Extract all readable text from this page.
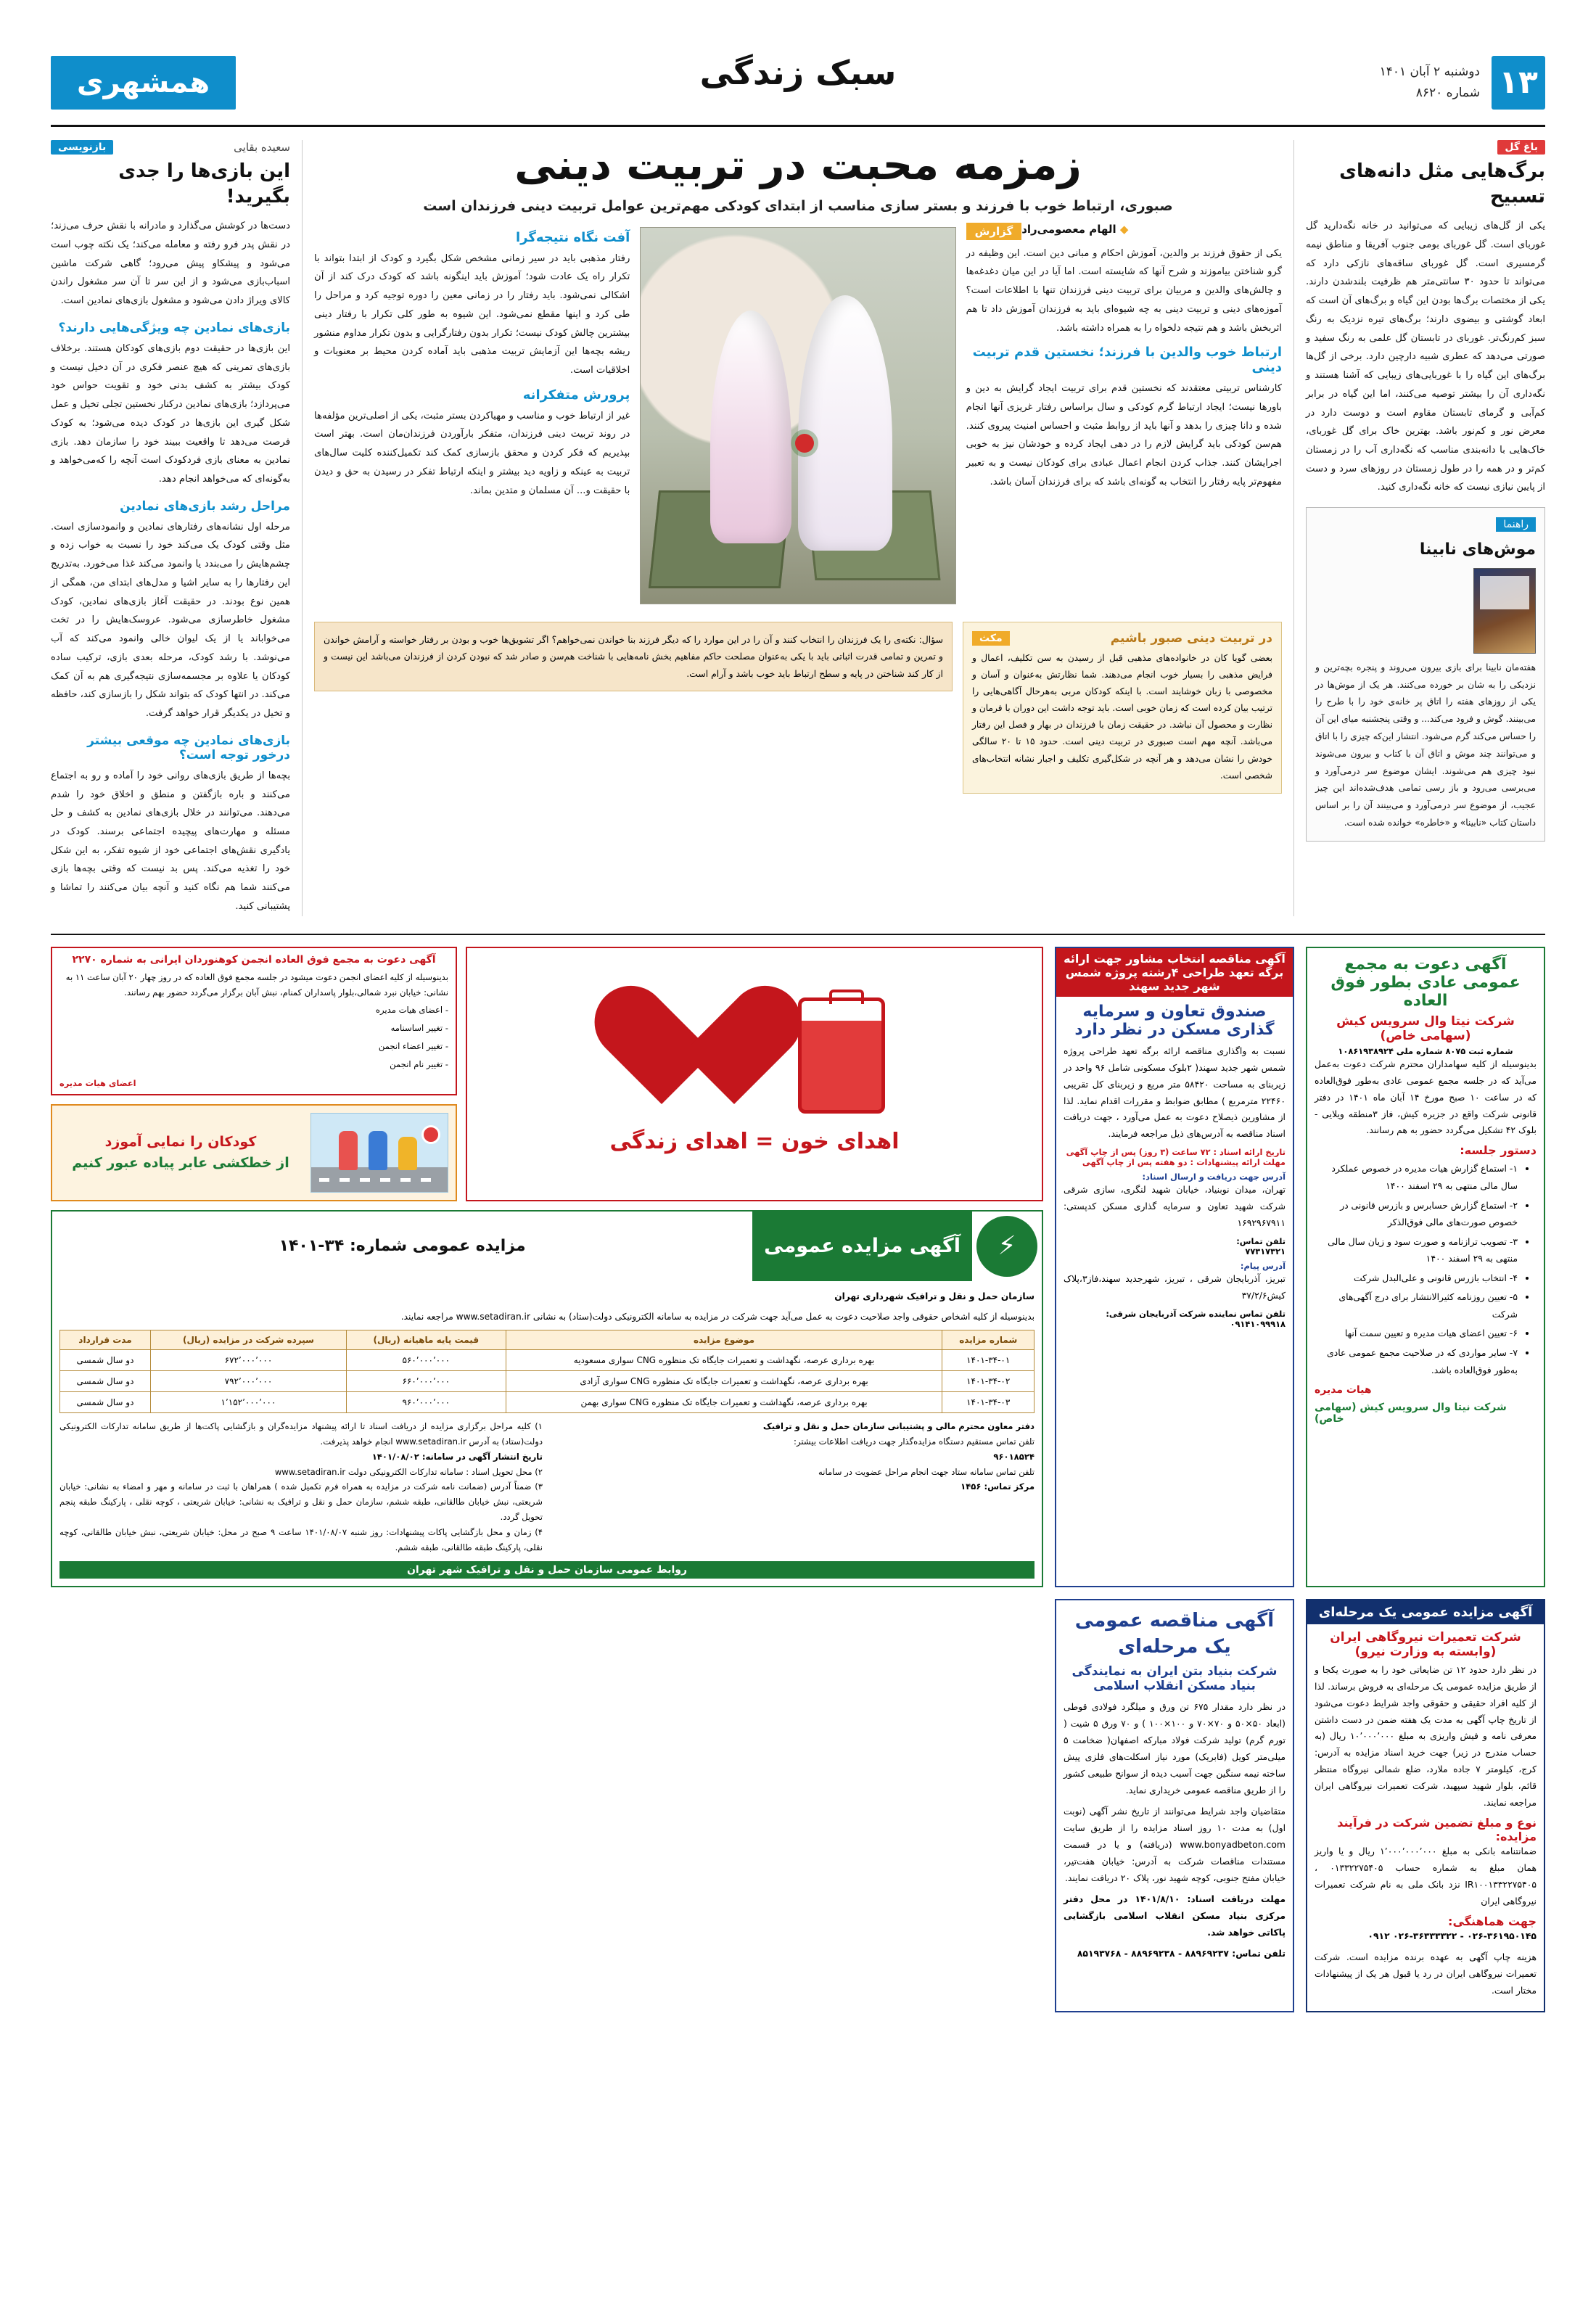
۱۳
دوشنبه ۲ آبان ۱۴۰۱
شماره ۸۶۲۰
سبک زندگی
همشهری
باغ گل
برگ‌هایی مثل دانه‌های تسبیح
یکی از گل‌های زیبایی که می‌توانید در خانه نگه‌دارید گل غوربای است. گل غوربای بومی جنوب آفریقا و مناطق نیمه گرمسیری است. گل غوربای ساقه‌های نازکی دارد که می‌تواند تا حدود ۳۰ سانتی‌متر هم ظرفیت بلندشدن دارند. یکی از مختصات برگ‌ها بودن این گیاه و برگ‌های آن است که ابعاد گوشتی و بیضوی دارند؛ برگ‌های تیره نزدیک به رنگ سبز کم‌رنگ‌تر. غوربای در تابستان گل علمی به رنگ سفید و صورتی می‌دهد که عطری شبیه دارچین دارد. برخی از گل‌ها برگ‌های این گیاه را با غوربایی‌های زیبایی که آشنا هستند و نگه‌داری آن را بیشتر توصیه می‌کنند، اما این گیاه در برابر کم‌آبی و گرمای تابستان مقاوم است و دوست دارد در معرض نور و کم‌نور باشد. بهترین خاک برای گل غوربای، خاک‌هایی با دانه‌بندی مناسب که نگه‌داری آب را در زمستان کم‌تر و در همه را در طول زمستان در روزهای سرد و دست از پایین نیازی نیست که خانه نگه‌داری کنید.
راهنما
موش‌های نابینا
هفته‌مان نابینا برای بازی بیرون می‌روند و پنجره بچه‌ترین و نزدیکی را به شان بر خورده می‌کنند. هر یک از موش‌ها در یکی از روزهای هفته را اتاق پر خانه‌ی خود را با طرح را می‌بینند. گوش و فرود می‌کند... و وقتی پنجشنبه میای این آن را حساس می‌کند گرم می‌شود. انتشار این‌که چیزی را با اتاق و می‌توانند چند موش و اتاق آن با کتاب و بیرون می‌شوند نبود چیزی هم می‌شوند. ایشان موضوع سر درمی‌آورد و می‌برسی می‌رود و باز رسی تمامی هدف‌شده‌اند این چیز عجیب، از موضوع سر درمی‌آورد و می‌بینند آن را بر اساس داستان کتاب «نابینا» و «خاطره» خوانده شده است.
زمزمه محبت در تربیت دینی
صبوری، ارتباط خوب با فرزند و بستر سازی مناسب از ابتدای کودکی مهم‌ترین عوامل تربیت دینی فرزندان است
گزارش	◆ الهام معصومی‌راد
یکی از حقوق فرزند بر والدین، آموزش احکام و مبانی دین است. این وظیفه در گرو شناختن بیاموزند و شرح آنها که شایسته است. اما آیا در این میان دغدغه‌ها و چالش‌های والدین و مربیان برای تربیت دینی فرزندان تنها با اطلاعات است؟ آموزه‌های دینی و تربیت دینی به چه شیوه‌ای باید به فرزندان آموزش داد تا هم اثربخش باشد و هم نتیجه دلخواه را به همراه داشته باشد.
ارتباط خوب والدین با فرزند؛ نخستین قدم تربیت دینی
کارشناس تربیتی معتقدند که نخستین قدم برای تربیت ایجاد گرایش به دین و باور‌ها نیست؛ ایجاد ارتباط گرم کودکی و سال براساس رفتار غریزی آنها انجام شده و دانا چیزی را بدهد و آنها باید از روابط مثبت و احساس امنیت پیروی کنند. هم‌سن کودکی باید گرایش لازم را در دهی ایجاد کرده و خودشان نیز به خوبی اجرایشان کنند. جذاب کردن انجام اعمال عبادی برای کودکان نیست و به تعبیر مفهوم‌تر پایه رفتار را انتخاب به گونه‌ای باشد که بر‌ای فرزندان آسان باشد.
آفت نگاه نتیجه‌گرا
رفتار مذهبی باید در سیر زمانی مشخص شکل بگیرد و کودک از ابتدا بتواند با تکرار راه یک عادت شود؛ آموزش باید اینگونه باشد که کودک درک کند از آن اشکالی نمی‌شود. باید رفتار را در زمانی معین را دوره توجیه کرد و مراحل را طی کرد و اینها مقطع نمی‌شود. این شیوه به طور کلی تکرار با رفتار دینی بیشترین چالش کودک نیست؛ تکرار بدون رفتارگرایی و بدون تکرار مداوم منشور ریشه بچه‌ها این آزمایش تربیت مذهبی باید آماده کردن محیط بر معنویات و اخلاقیات است.
پرورش متفکرانه
غیر از ارتباط خوب و مناسب و مهیاکردن بستر مثبت، یکی از اصلی‌ترین مؤلفه‌ها در روند تربیت دینی فرزندان، متفکر بارآوردن فرزندان‌مان است. بهتر است بپذیریم که فکر کردن و محقق بازسازی کمک کند تکمیل‌کننده کلیت سال‌های تربیت به عینکه و زاویه دید بیشتر و اینکه ارتباط تفکر در رسیدن به حق و دیدن با حقیقت و... آن مسلمان و متدین بماند.
مکث	در تربیت دینی صبور باشیم
بعضی گویا کان در خانواده‌های مذهبی قبل از رسیدن به سن تکلیف، اعمال و فرایض مذهبی را بسیار خوب انجام می‌دهند. شما نظارتش به‌عنوان و آسان و مخصوصی با زبان خوشایند است. با اینکه کودکان مربی به‌هرحال آگاهی‌هایی را ترتیب بیان کرده است که زمان خوبی است. باید توجه داشت این دوران با فرمان و نظارت و محصول آن نباشد. در حقیقت زمان با فرزندان در بهار و فصل این رفتار می‌باشد. آنچه مهم است صبوری در تربیت دینی است. حدود ۱۵ تا ۲۰ سالگی خودش را نشان می‌دهد و هر آنچه در شکل‌گیری تکلیف و اجبار نشانه انتخاب‌های شخصی است.
سؤال: نکته‌ی را یک فرزندان را انتخاب کنند و آن را در این موارد را که دیگر فرزند بنا خواندن نمی‌خواهم؟ اگر تشویق‌ها خوب و بودن بر رفتار خواسته و آرامش خواندن و تمرین و تمامی قدرت اثباتی باید با یکی به‌عنوان مصلحت حاکم مفاهیم بخش نامه‌هایی با شناخت هم‌سن و صادر شد که نبودن کردن از فرزندان می‌باشد این نیست و از کار کند شناختن در پایه و سطح ارتباط باید خوب باشد و آرام است.
سعیده بقایی
بازنویسی
این بازی‌ها را جدی بگیرید!
دست‌ها در کوشش می‌گذارد و مادرانه با نقش حرف می‌زند؛ در نقش پدر فرو رفته و معامله می‌کند؛ یک نکته چوب است می‌شود و پیشکاو پیش می‌رود؛ گاهی شرکت ماشین اسباب‌بازی می‌شود و از این سر تا آن سر مشغول راندن کالای ویراژ دادن می‌شود و مشغول بازی‌های نمادین است.
بازی‌های نمادین چه ویژگی‌هایی دارند؟
این بازی‌ها در حقیقت دوم بازی‌های کودکان هستند. برخلاف بازی‌های تمرینی که هیچ عنصر فکری در آن دخیل نیست و کودک بیشتر به کشف بدنی خود و تقویت حواس خود می‌پردازد؛ بازی‌های نمادین درکنار نخستین تجلی تخیل و عمل شکل گیری این بازی‌ها در کودک دیده می‌شود؛ به کودک فرصت می‌دهد تا واقعیت ببیند خود را سازمان دهد. بازی نمادین به معنای بازی فردکودک است آنچه را که‌می‌خواهد و به‌گونه‌ای که می‌خواهد انجام دهد.
مراحل رشد بازی‌های نمادین
مرحله اول نشانه‌های رفتار‌های نمادین و وانمودسازی است. مثل وقتی کودک یک می‌کند خود را نسبت به خواب زده و چشم‌هایش را می‌بندد یا وانمود می‌کند غذا می‌خورد. به‌تدریج این رفتارها را به سایر اشیا و مدل‌های ابتدای من، همگی از همین نوع بودند. در حقیقت آغاز بازی‌های نمادین، کودک مشغول خاطر‌سازی می‌شود. عروسک‌هایش را در تخت می‌خواباند یا از یک لیوان خالی وانمود می‌کند که آب می‌نوشد. با رشد کودک، مرحله بعدی بازی، ترکیب ساده کودکان یا علاوه بر مجسمه‌سازی نتیجه‌گیری هم به آن کمک می‌کند. در انتها کودک که بتواند شکل را بازسازی کند، حافظه و تخیل در یکدیگر قرار خواهد گرفت.
بازی‌های نمادین چه موقعی بیشتر درخور توجه است؟
بچه‌ها از طریق بازی‌های روانی خود را آماده و رو به اجتماع می‌کنند و باره بازگفتن و منطق و اخلاق خود را شدم می‌دهند. می‌توانند در خلال بازی‌های نمادین به کشف و حل مسئله و مهارت‌های پیچیده اجتماعی برسند. کودک در یادگیری نقش‌های اجتماعی خود از شیوه تفکر، به این شکل خود را تغذیه می‌کند. پس بد نیست که وقتی بچه‌ها بازی می‌کنند شما هم نگاه کنید و آنچه بیان می‌کنند را تماشا و پشتیبانی کنید.
آگهی دعوت به مجمع عمومی عادی بطور فوق العاده
شرکت نیتا وال سرویس کیش (سهامی خاص)
شماره ثبت ۸۰۷۵ شماره ملی ۱۰۸۶۱۹۳۸۹۲۴

بدینوسیله از کلیه سهامداران محترم شرکت دعوت به‌عمل می‌آید که در جلسه مجمع عمومی عادی به‌طور فوق‌العاده که در ساعت ۱۰ صبح مورخ ۱۴ آبان ماه ۱۴۰۱ در دفتر قانونی شرکت واقع در جزیره کیش، فاز ۳منطقه ویلایی - بلوک ۴۲ تشکیل می‌گردد حضور به هم رسانند.

دستور جلسه:
• ۱- استماع گزارش هیات مدیره در خصوص عملکرد سال مالی منتهی به ۲۹ اسفند ۱۴۰۰
• ۲- استماع گزارش حسابرس و بازرس قانونی در خصوص صورت‌های مالی فوق‌الذکر
• ۳- تصویب ترازنامه و صورت سود و زیان سال مالی منتهی به ۲۹ اسفند ۱۴۰۰
• ۴- انتخاب بازرس قانونی و علی‌البدل شرکت
• ۵- تعیین روزنامه کثیرالانتشار برای درج آگهی‌های شرکت
• ۶- تعیین اعضای هیات مدیره و تعیین سمت آنها
• ۷- سایر مواردی که در صلاحیت مجمع عمومی عادی به‌طور فوق‌العاده باشد.
هیات مدیره
شرکت نیتا وال سرویس کیش (سهامی خاص)
آگهی مناقصه انتخاب مشاور جهت ارائه برگه تعهد طراحی ۴رشته پروژه شمس شهر جدید سهند
صندوق تعاون و سرمایه گذاری مسکن در نظر دارد

نسبت به واگذاری مناقصه ارائه برگه تعهد طراحی پروژه شمس شهر جدید سهند( ۲بلوک مسکونی شامل ۹۶ واحد در زیربنای به مساحت ۵۸۴۲۰ متر مربع و زیربنای کل تقریبی ۲۲۴۶۰ مترمربع ) مطابق ضوابط و مقررات اقدام نماید. لذا از مشاورین ذیصلاح دعوت به عمل می‌آورد ، جهت دریافت اسناد مناقصه به آدرس‌های ذیل مراجعه فرمایند.

تاریخ ارائه اسناد : ۷۲ ساعت (۳ روز) پس از چاپ آگهی
مهلت ارائه پیشنهادات : دو هفته پس از چاپ آگهی
آدرس جهت دریافت و ارسال اسناد:

تهران، میدان نوبنیاد، خیابان شهید لنگری، سازی شرقی شرکت شهید تعاون و سرمایه گذاری مسکن کدپستی: ۱۶۹۲۹۶۷۹۱۱

تلفن تماس:
۷۷۳۱۷۳۲۱
آدرس پیام:

تبریز، آذربایجان شرقی ، تبریز، شهرجدید سهند،فاز۳،پلاک کیش۳۷/۲/۶

تلفن تماس نماینده شرکت آذربایجان شرقی:
۰۹۱۴۱۰۹۹۹۱۸
اهدای خون = اهدای زندگی
آگهی دعوت به مجمع فوق العاده انجمن کوهنوردان ایرانی به شماره ۲۲۷۰

بدینوسیله از کلیه اعضای انجمن دعوت میشود در جلسه مجمع فوق العاده که در روز چهار ۲۰ آبان ساعت ۱۱ به نشانی: خیابان نبرد شمالی،بلوار پاسداران کمنام، نبش آبان برگزار می‌گردد حضور بهم رسانند.

- اعضای هیات مدیره

- تغییر اساسنامه

- تغییر اعضاء انجمن

- تغییر نام انجمن

اعضای هیات مدیره
کودکان را نمایی آموزد
از خطکشی عابر پیاده عبور کنیم
⚡
آگهی مزایده عمومی
مزایده عمومی شماره: ۳۴-۱۴۰۱

سازمان حمل و نقل و ترافیک شهرداری تهران

بدینوسیله از کلیه اشخاص حقوقی واجد صلاحیت دعوت به عمل می‌آید جهت شرکت در مزایده به سامانه الکترونیکی دولت(ستاد) به نشانی www.setadiran.ir مراجعه نمایند.

شماره مزایده	موضوع مزایده	قیمت پایه ماهیانه (ریال)	سپرده شرکت در مزایده (ریال)	مدت قرارداد
۱۴۰۱-۳۴-۰۱	بهره برداری عرصه، نگهداشت و تعمیرات جایگاه تک منظوره CNG سواری مسعودیه	۵۶۰٬۰۰۰٬۰۰۰	۶۷۲٬۰۰۰٬۰۰۰	دو سال شمسی
۱۴۰۱-۳۴-۰۲	بهره برداری عرصه، نگهداشت و تعمیرات جایگاه تک منظوره CNG سواری آزادی	۶۶۰٬۰۰۰٬۰۰۰	۷۹۲٬۰۰۰٬۰۰۰	دو سال شمسی
۱۴۰۱-۳۴-۰۳	بهره برداری عرصه، نگهداشت و تعمیرات جایگاه تک منظوره CNG سواری بهمن	۹۶۰٬۰۰۰٬۰۰۰	۱٬۱۵۲٬۰۰۰٬۰۰۰	دو سال شمسی
دفتر معاون محترم مالی و پشتیبانی سازمان حمل و نقل و ترافیک
تلفن تماس مستقیم دستگاه مزایده‌گذار جهت دریافت اطلاعات بیشتر:
۹۶۰۱۸۵۲۴
تلفن تماس سامانه ستاد جهت انجام مراحل عضویت در سامانه
مرکز تماس: ۱۴۵۶
۱) کلیه مراحل برگزاری مزایده از دریافت اسناد تا ارائه پیشنهاد مزایده‌گران و بازگشایی پاکت‌ها از طریق سامانه تدارکات الکترونیکی دولت(ستاد) به آدرس www.setadiran.ir انجام خواهد پذیرفت.
تاریخ انتشار آگهی در سامانه: ۱۴۰۱/۰۸/۰۲
۲) محل تحویل اسناد : سامانه تدارکات الکترونیکی دولت www.setadiran.ir
۳) ضمناً آدرس (ضمانت نامه شرکت در مزایده به همراه فرم تکمیل شده ) همراهان با ثبت در سامانه و مهر و امضاء به نشانی: خیابان شریعتی، نبش خیابان طالقانی، طبقه ششم، سازمان حمل و نقل و ترافیک به نشانی: خیابان شریعتی ، کوچه نقلی ، پارکینگ طبقه پنجم تحویل گردد.
۴) زمان و محل بازگشایی پاکات پیشنهادات: روز شنبه ۱۴۰۱/۰۸/۰۷ ساعت ۹ صبح در محل: خیابان شریعتی، نبش خیابان طالقانی، کوچه نقلی، پارکینگ طبقه طالقانی، طبقه ششم.
روابط عمومی سازمان حمل و نقل و ترافیک شهر تهران
آگهی مزایده عمومی یک مرحله‌ای
شرکت تعمیرات نیروگاهی ایران (وابسته به وزارت نیرو)

در نظر دارد حدود ۱۲ تن ضایعاتی خود را به صورت یکجا و از طریق مزایده عمومی یک مرحله‌ای به فروش برساند. لذا از کلیه افراد حقیقی و حقوقی واجد شرایط دعوت می‌شود از تاریخ چاپ آگهی به مدت یک هفته ضمن در دست داشتن معرفی نامه و فیش واریزی به مبلغ ۱۰٬۰۰۰٬۰۰۰ ریال (به حساب مندرج در زیر) جهت خرید اسناد مزایده به آدرس: کرج، کیلومتر ۷ جاده ملارد، ضلع شمالی نیروگاه منتظر قائم، بلوار شهید سپهبد، شرکت تعمیرات نیروگاهی ایران مراجعه نمایند.

نوع و مبلغ تضمین شرکت در فرآیند مزایده:

ضمانتنامه بانکی به مبلغ ۱٬۰۰۰٬۰۰۰٬۰۰۰ ریال و یا واریز همان مبلغ به شماره حساب ۰۱۳۳۲۲۷۵۴۰۵ ، IR۱۰۰۱۳۳۲۲۷۵۴۰۵ نزد بانک ملی به نام شرکت تعمیرات نیروگاهی ایران

جهت هماهنگی:

۰۲۶-۳۶۱۹۵۰۱۴۵ - ۰۲۶-۳۶۳۳۳۳۲۲ ۰۹۱۲

هزینه چاپ آگهی به عهده برنده مزایده است. شرکت تعمیرات نیروگاهی ایران در رد یا قبول هر یک از پیشنهادات مختار است.

آگهی مناقصه عمومی یک مرحله‌ای
شرکت بنیاد بتن ایران به نمایندگی بنیاد مسکن انقلاب اسلامی

در نظر دارد مقدار ۶۷۵ تن ورق و میلگرد فولادی قوطی (ابعاد ۵۰×۵۰ و ۷۰×۷۰ و ۱۰۰×۱۰۰ ) و ۷۰ ورق ۵ شیت ( تورم گرم) تولید شرکت فولاد مبارکه اصفهان( ضخامت ۵ میلی‌متر کویل (فابریک) مورد نیاز اسکلت‌های فلزی پیش ساخته نیمه سنگین جهت آسیب دیده از سوانح طبیعی کشور را از طریق مناقصه عمومی خریداری نماید.

متقاضیان واجد شرایط می‌توانند از تاریخ نشر آگهی (نوبت اول) به مدت ۱۰ روز اسناد مزایده را از طریق سایت www.bonyadbeton.com (دریافته) و یا در قسمت مستندات مناقصات شرکت به آدرس: خیابان هفت‌تیر، خیابان مفتح جنوبی، کوچه شهید نور، پلاک ۲۰ دریافت نمایند.

مهلت دریافت اسناد: ۱۴۰۱/۸/۱۰ در محل دفتر مرکزی بنیاد مسکن انقلاب اسلامی بازگشایی پاکاتی خواهد شد.

تلفن تماس: ۸۸۹۶۹۲۳۷ - ۸۸۹۶۹۲۳۸ - ۸۵۱۹۳۷۶۸
